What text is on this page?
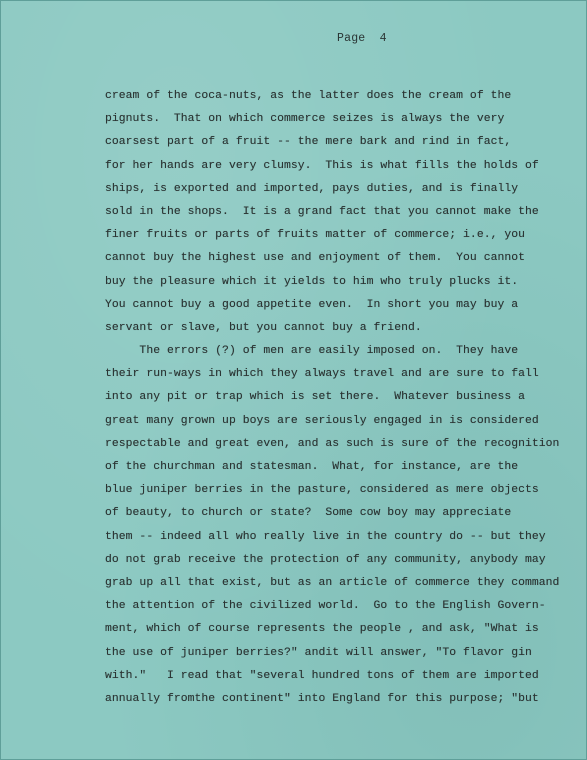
Page  4
cream of the coca-nuts, as the latter does the cream of the
pignuts.  That on which commerce seizes is always the very
coarsest part of a fruit -- the mere bark and rind in fact,
for her hands are very clumsy.  This is what fills the holds of
ships, is exported and imported, pays duties, and is finally
sold in the shops.  It is a grand fact that you cannot make the
finer fruits or parts of fruits matter of commerce; i.e., you
cannot buy the highest use and enjoyment of them.  You cannot
buy the pleasure which it yields to him who truly plucks it.
You cannot buy a good appetite even.  In short you may buy a
servant or slave, but you cannot buy a friend.
The errors (?) of men are easily imposed on.  They have
their run-ways in which they always travel and are sure to fall
into any pit or trap which is set there.  Whatever business a
great many grown up boys are seriously engaged in is considered
respectable and great even, and as such is sure of the recognition
of the churchman and statesman.  What, for instance, are the
blue juniper berries in the pasture, considered as mere objects
of beauty, to church or state?  Some cow boy may appreciate
them -- indeed all who really live in the country do -- but they
do not grab receive the protection of any community, anybody may
grab up all that exist, but as an article of commerce they command
the attention of the civilized world.  Go to the English Govern-
ment, which of course represents the people , and ask, "What is
the use of juniper berries?" andit will answer, "To flavor gin
with."   I read that "several hundred tons of them are imported
annually fromthe continent" into England for this purpose; "but
